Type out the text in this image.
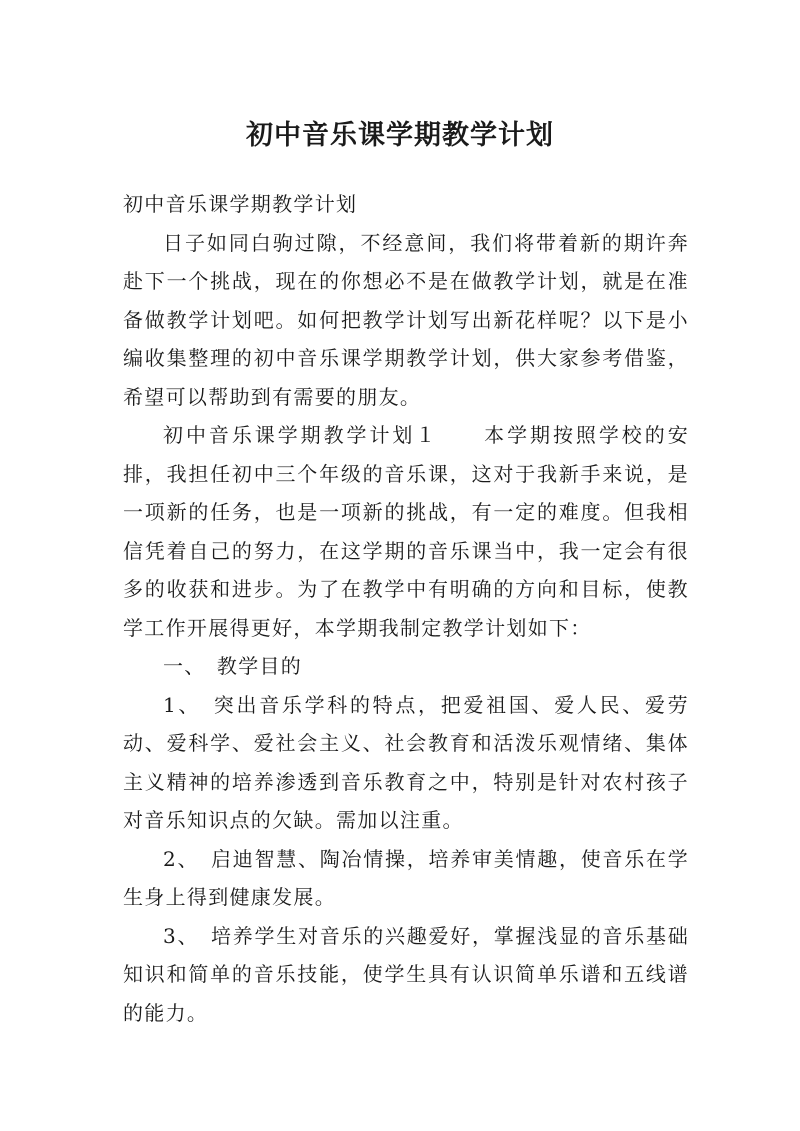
初中音乐课学期教学计划

初中音乐课学期教学计划

日子如同白驹过隙，不经意间，我们将带着新的期许奔赴下一个挑战，现在的你想必不是在做教学计划，就是在准备做教学计划吧。如何把教学计划写出新花样呢？以下是小编收集整理的初中音乐课学期教学计划，供大家参考借鉴，希望可以帮助到有需要的朋友。

初中音乐课学期教学计划１　　本学期按照学校的安排，我担任初中三个年级的音乐课，这对于我新手来说，是一项新的任务，也是一项新的挑战，有一定的难度。但我相信凭着自己的努力，在这学期的音乐课当中，我一定会有很多的收获和进步。为了在教学中有明确的方向和目标，使教学工作开展得更好，本学期我制定教学计划如下：

一、　教学目的

1、　突出音乐学科的特点，把爱祖国、爱人民、爱劳动、爱科学、爱社会主义、社会教育和活泼乐观情绪、集体主义精神的培养渗透到音乐教育之中，特别是针对农村孩子对音乐知识点的欠缺。需加以注重。

2、　启迪智慧、陶冶情操，培养审美情趣，使音乐在学生身上得到健康发展。

3、　培养学生对音乐的兴趣爱好，掌握浅显的音乐基础知识和简单的音乐技能，使学生具有认识简单乐谱和五线谱的能力。
